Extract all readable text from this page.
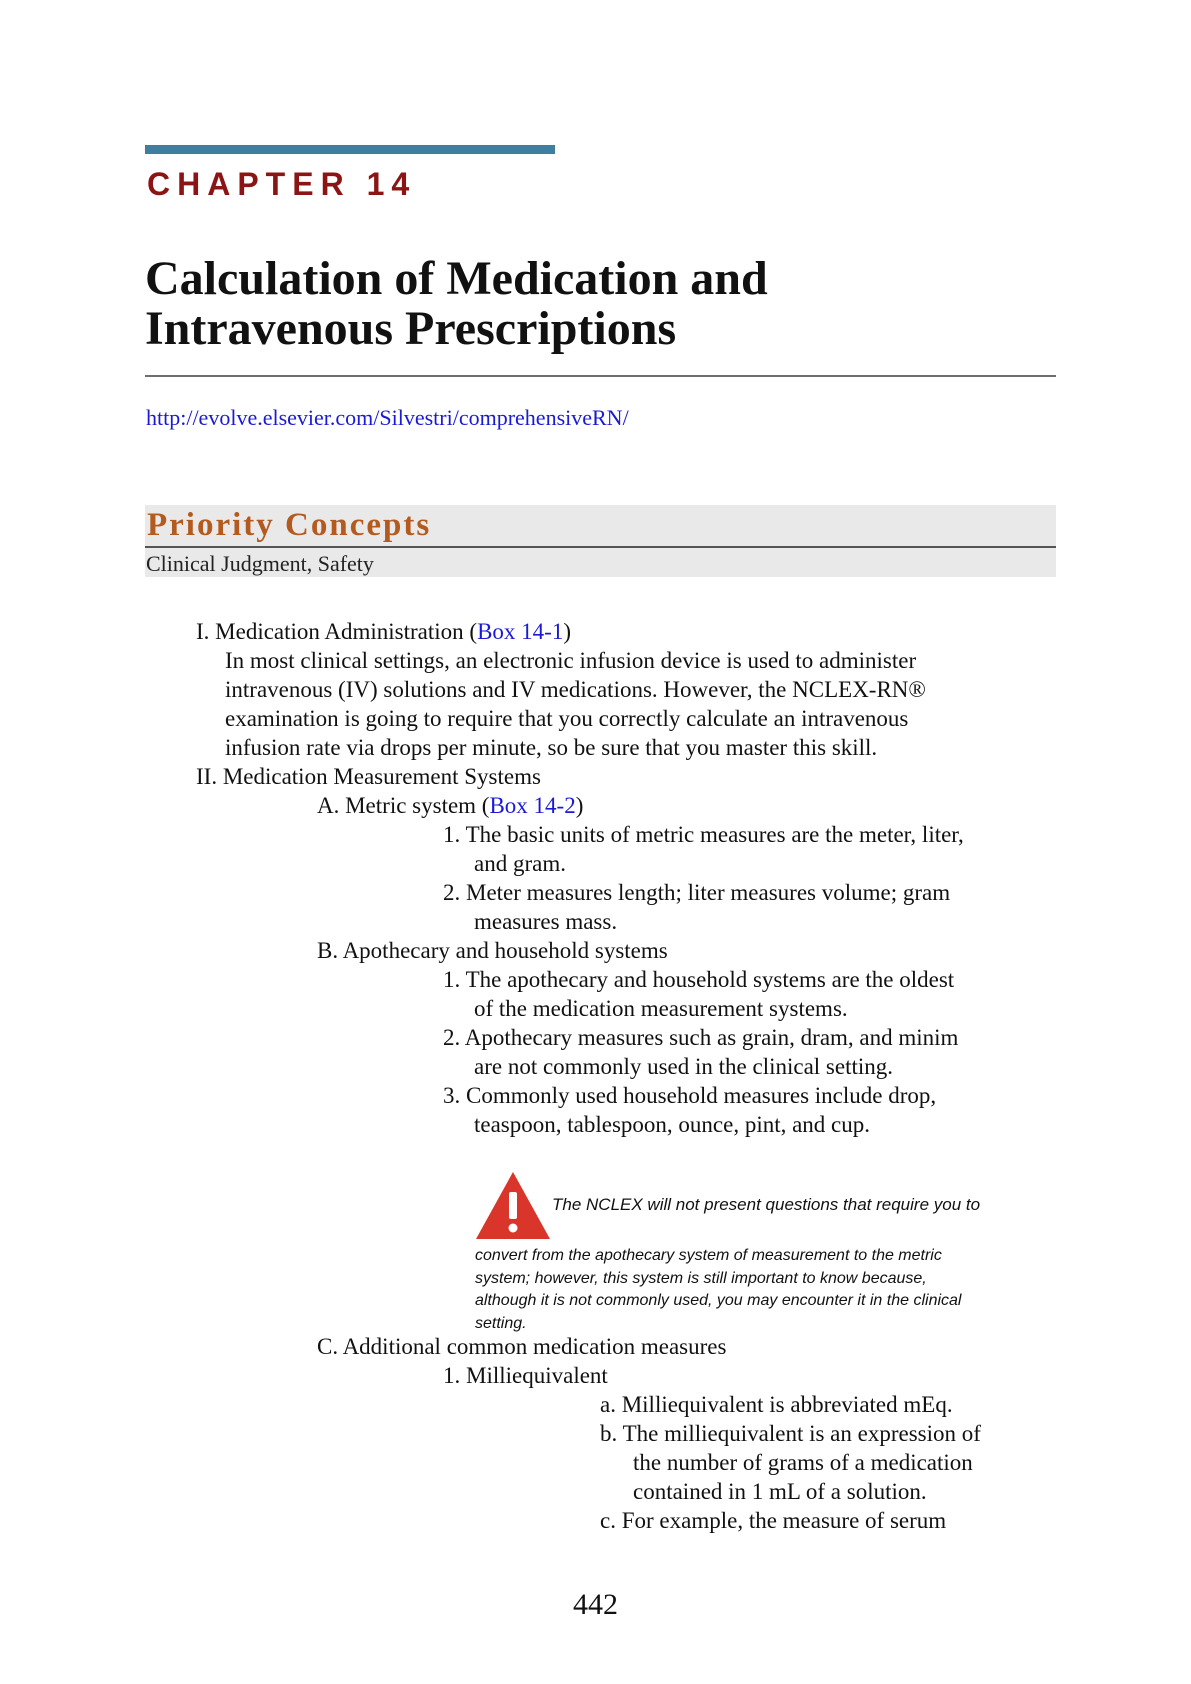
CHAPTER 14
Calculation of Medication and
Intravenous Prescriptions
http://evolve.elsevier.com/Silvestri/comprehensiveRN/
Priority Concepts
Clinical Judgment, Safety
I. Medication Administration (Box 14-1)
In most clinical settings, an electronic infusion device is used to administer
intravenous (IV) solutions and IV medications. However, the NCLEX-RN®
examination is going to require that you correctly calculate an intravenous
infusion rate via drops per minute, so be sure that you master this skill.
II. Medication Measurement Systems
A. Metric system (Box 14-2)
1. The basic units of metric measures are the meter, liter,
and gram.
2. Meter measures length; liter measures volume; gram
measures mass.
B. Apothecary and household systems
1. The apothecary and household systems are the oldest
of the medication measurement systems.
2. Apothecary measures such as grain, dram, and minim
are not commonly used in the clinical setting.
3. Commonly used household measures include drop,
teaspoon, tablespoon, ounce, pint, and cup.
The NCLEX will not present questions that require you to
convert from the apothecary system of measurement to the metric
system; however, this system is still important to know because,
although it is not commonly used, you may encounter it in the clinical
setting.
C. Additional common medication measures
1. Milliequivalent
a. Milliequivalent is abbreviated mEq.
b. The milliequivalent is an expression of
the number of grams of a medication
contained in 1 mL of a solution.
c. For example, the measure of serum
442
